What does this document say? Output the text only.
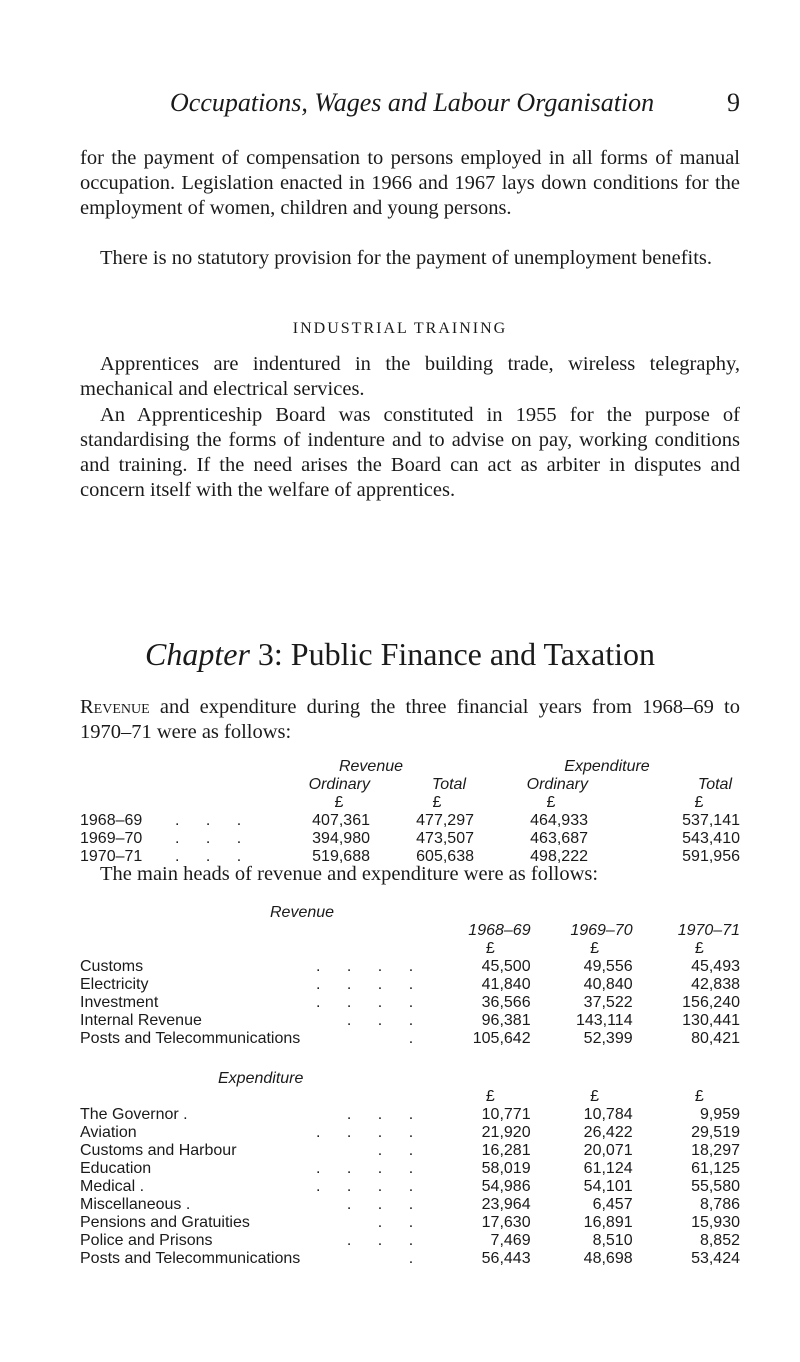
Occupations, Wages and Labour Organisation	9

for the payment of compensation to persons employed in all forms of manual occupation. Legislation enacted in 1966 and 1967 lays down conditions for the employment of women, children and young persons.

There is no statutory provision for the payment of unemployment benefits.

INDUSTRIAL TRAINING

Apprentices are indentured in the building trade, wireless telegraphy, mechanical and electrical services.

An Apprenticeship Board was constituted in 1955 for the purpose of standardising the forms of indenture and to advise on pay, working conditions and training. If the need arises the Board can act as arbiter in disputes and concern itself with the welfare of apprentices.

Chapter 3: Public Finance and Taxation

Revenue and expenditure during the three financial years from 1968–69 to 1970–71 were as follows:

		Revenue		Expenditure	
		Ordinary	Total	Ordinary	Total
		£	£	£	£
1968–69	. . .	407,361	477,297	464,933	537,141
1969–70	. . .	394,980	473,507	463,687	543,410
1970–71	. . .	519,688	605,638	498,222	591,956

The main heads of revenue and expenditure were as follows:

Revenue				
		1968–69	1969–70	1970–71
		£	£	£
Customs	. . . .	45,500	49,556	45,493
Electricity	. . . .	41,840	40,840	42,838
Investment	. . . .	36,566	37,522	156,240
Internal Revenue	. . .	96,381	143,114	130,441
Posts and Telecommunications	.	105,642	52,399	80,421

Expenditure				
		£	£	£
The Governor .	. . .	10,771	10,784	9,959
Aviation	. . . .	21,920	26,422	29,519
Customs and Harbour	. .	16,281	20,071	18,297
Education	. . . .	58,019	61,124	61,125
Medical .	. . . .	54,986	54,101	55,580
Miscellaneous .	. . .	23,964	6,457	8,786
Pensions and Gratuities	. .	17,630	16,891	15,930
Police and Prisons	. . .	7,469	8,510	8,852
Posts and Telecommunications	.	56,443	48,698	53,424
